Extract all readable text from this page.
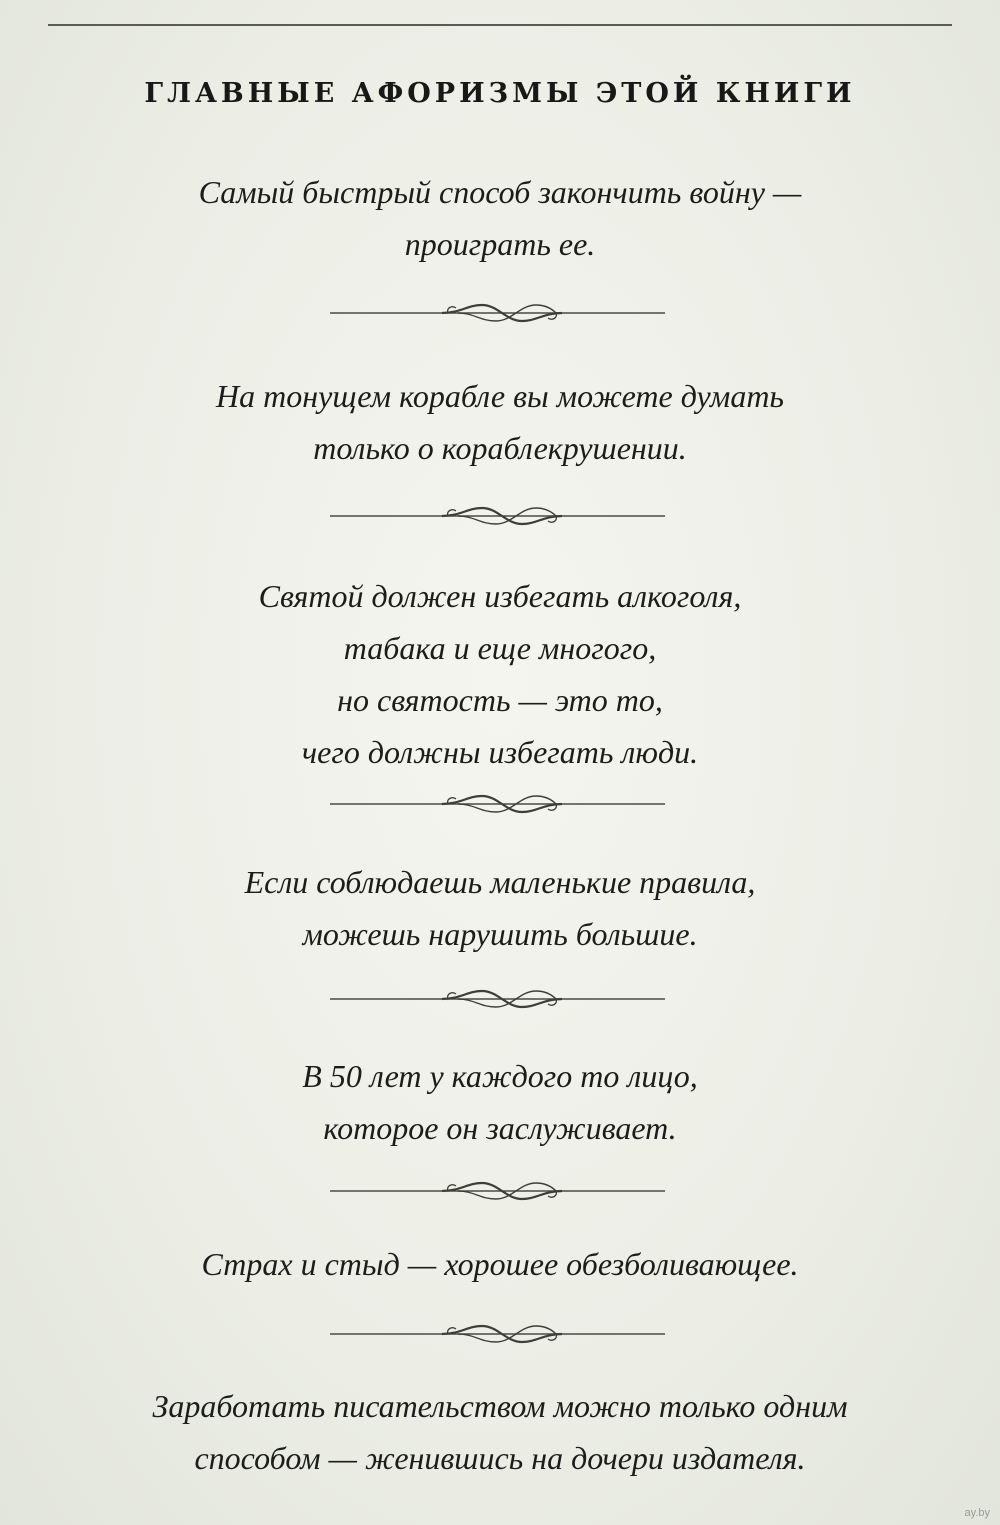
ГЛАВНЫЕ АФОРИЗМЫ ЭТОЙ КНИГИ
Самый быстрый способ закончить войну —
проиграть ее.
На тонущем корабле вы можете думать
только о кораблекрушении.
Святой должен избегать алкоголя,
табака и еще многого,
но святость — это то,
чего должны избегать люди.
Если соблюдаешь маленькие правила,
можешь нарушить большие.
В 50 лет у каждого то лицо,
которое он заслуживает.
Страх и стыд — хорошее обезболивающее.
Заработать писательством можно только одним
способом — женившись на дочери издателя.
ay.by
